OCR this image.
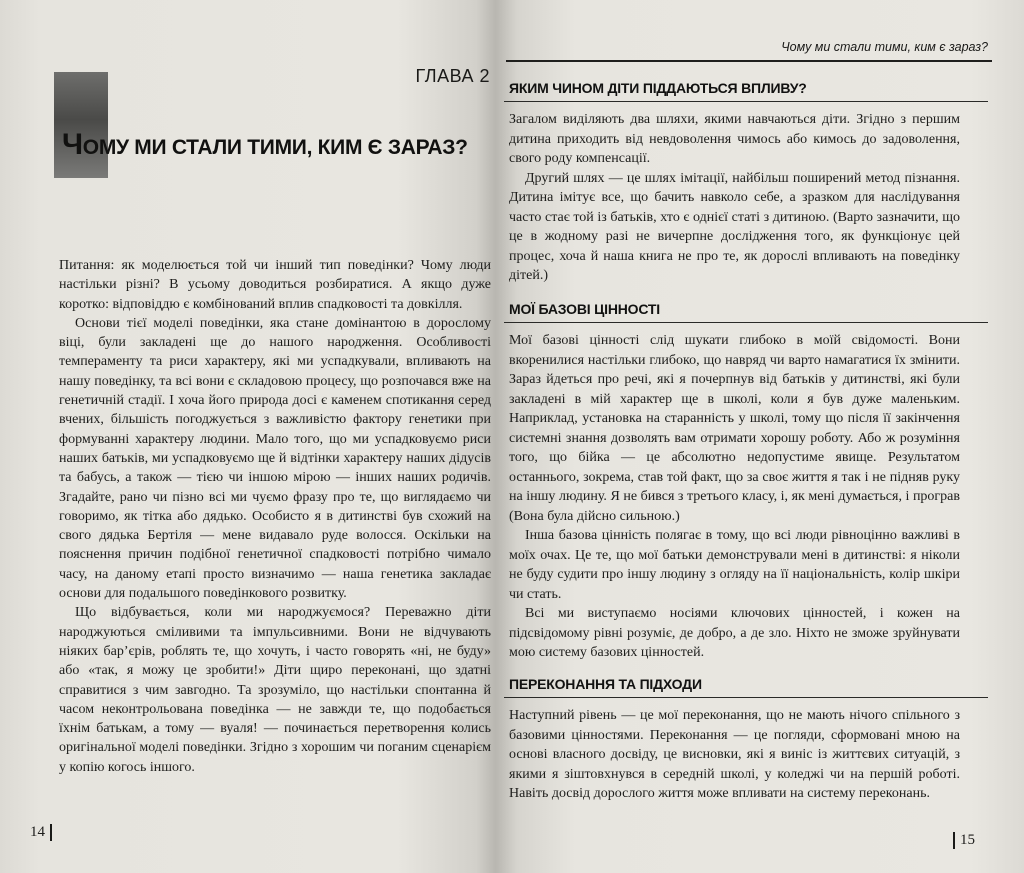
ГЛАВА 2
ЧОМУ МИ СТАЛИ ТИМИ, КИМ Є ЗАРАЗ?

Питання: як моделюється той чи інший тип поведінки? Чому люди настільки різні? В усьому доводиться розбиратися. А якщо дуже коротко: відповіддю є комбінований вплив спадковості та довкілля.

Основи тієї моделі поведінки, яка стане домінантою в дорослому віці, були закладені ще до нашого народження. Особливості темпераменту та риси характеру, які ми успадкували, впливають на нашу поведінку, та всі вони є складовою процесу, що розпочався вже на генетичній стадії. І хоча його природа досі є каменем спотикання серед вчених, більшість погоджується з важливістю фактору генетики при формуванні характеру людини. Мало того, що ми успадковуємо риси наших батьків, ми успадковуємо ще й відтінки характеру наших дідусів та бабусь, а також — тією чи іншою мірою — інших наших родичів. Згадайте, рано чи пізно всі ми чуємо фразу про те, що виглядаємо чи говоримо, як тітка або дядько. Особисто я в дитинстві був схожий на свого дядька Бертіля — мене видавало руде волосся. Оскільки на пояснення причин подібної генетичної спадковості потрібно чимало часу, на даному етапі просто визначимо — наша генетика закладає основи для подальшого поведінкового розвитку.

Що відбувається, коли ми народжуємося? Переважно діти народжуються сміливими та імпульсивними. Вони не відчувають ніяких бар’єрів, роблять те, що хочуть, і часто говорять «ні, не буду» або «так, я можу це зробити!» Діти щиро переконані, що здатні справитися з чим завгодно. Та зрозуміло, що настільки спонтанна й часом неконтрольована поведінка — не завжди те, що подобається їхнім батькам, а тому — вуаля! — починається перетворення колись оригінальної моделі поведінки. Згідно з хорошим чи поганим сценарієм у копію когось іншого.

14
Чому ми стали тими, ким є зараз?
ЯКИМ ЧИНОМ ДІТИ ПІДДАЮТЬСЯ ВПЛИВУ?

Загалом виділяють два шляхи, якими навчаються діти. Згідно з першим дитина приходить від невдоволення чимось або кимось до задоволення, свого роду компенсації.

Другий шлях — це шлях імітації, найбільш поширений метод пізнання. Дитина імітує все, що бачить навколо себе, а зразком для наслідування часто стає той із батьків, хто є однієї статі з дитиною. (Варто зазначити, що це в жодному разі не вичерпне дослідження того, як функціонує цей процес, хоча й наша книга не про те, як дорослі впливають на поведінку дітей.)

МОЇ БАЗОВІ ЦІННОСТІ

Мої базові цінності слід шукати глибоко в моїй свідомості. Вони вкоренилися настільки глибоко, що навряд чи варто намагатися їх змінити. Зараз йдеться про речі, які я почерпнув від батьків у дитинстві, які були закладені в мій характер ще в школі, коли я був дуже маленьким. Наприклад, установка на старанність у школі, тому що після її закінчення системні знання дозволять вам отримати хорошу роботу. Або ж розуміння того, що бійка — це абсолютно недопустиме явище. Результатом останнього, зокрема, став той факт, що за своє життя я так і не підняв руку на іншу людину. Я не бився з третього класу, і, як мені думається, і програв (Вона була дійсно сильною.)

Інша базова цінність полягає в тому, що всі люди рівноцінно важливі в моїх очах. Це те, що мої батьки демонстрували мені в дитинстві: я ніколи не буду судити про іншу людину з огляду на її національність, колір шкіри чи стать.

Всі ми виступаємо носіями ключових цінностей, і кожен на підсвідомому рівні розуміє, де добро, а де зло. Ніхто не зможе зруйнувати мою систему базових цінностей.

ПЕРЕКОНАННЯ ТА ПІДХОДИ

Наступний рівень — це мої переконання, що не мають нічого спільного з базовими цінностями. Переконання — це погляди, сформовані мною на основі власного досвіду, це висновки, які я виніс із життєвих ситуацій, з якими я зіштовхнувся в середній школі, у коледжі чи на першій роботі. Навіть досвід дорослого життя може впливати на систему переконань.

15
